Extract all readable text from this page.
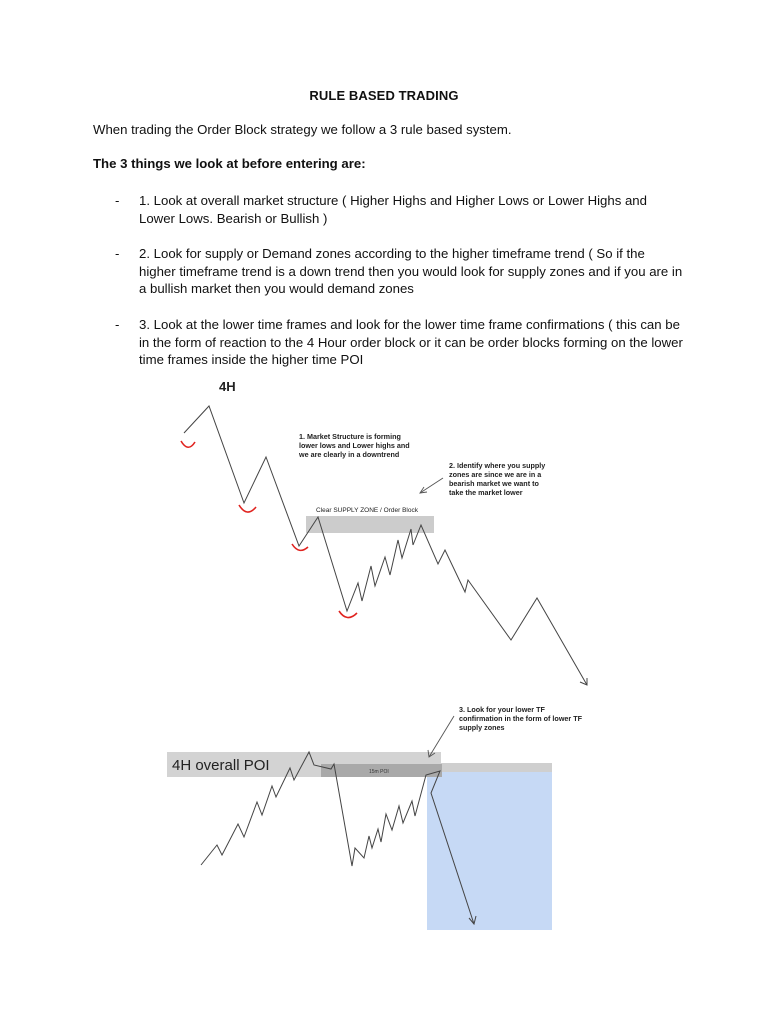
RULE BASED TRADING
When trading the Order Block strategy we follow a 3 rule based system.
The 3 things we look at before entering are:
- 1. Look at overall market structure ( Higher Highs and Higher Lows or Lower Highs and Lower Lows. Bearish or Bullish )
- 2. Look for supply or Demand zones according to the higher timeframe trend ( So if the higher timeframe trend is a down trend then you would look for supply zones and if you are in a bullish market then you would demand zones
- 3. Look at the lower time frames and look for the lower time frame confirmations ( this can be in the form of reaction to the 4 Hour order block or it can be order blocks forming on the lower time frames inside the higher time POI
Clear SUPPLY ZONE / Order Block
4H
1. Market Structure is forming
lower lows and Lower highs and
we are clearly in a downtrend
2. Identify where you supply
zones are since we are in a
bearish market we want to
take the market lower
15m POI
4H overall POI
3. Look for your lower TF
confirmation in the form of lower TF
supply zones
